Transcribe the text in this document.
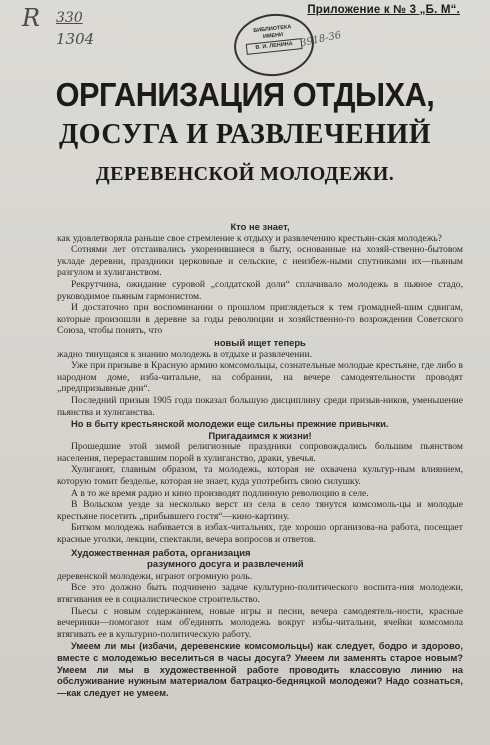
R 330
1304
Приложение к № 3 „Б. М“.
БИБЛИОТЕКА
ИМЕНИ
В. И. ЛЕНИНА 3918-36
ОРГАНИЗАЦИЯ ОТДЫХА,
ДОСУГА И РАЗВЛЕЧЕНИЙ
ДЕРЕВЕНСКОЙ МОЛОДЕЖИ.

Кто не знает,

как удовлетворяла раньше свое стремление к отдыху и развлечению крестьян-ская молодежь?

Сотнями лет отстаивались укоренившиеся в быту, основанные на хозяй-ственно-бытовом укладе деревни, праздники церковные и сельские, с неизбеж-ными спутниками их—пьяным разгулом и хулиганством.

Рекрутчина, ожидание суровой „солдатской доли“ сплачивало молодежь в пьяное стадо, руководимое пьяным гармонистом.

И достаточно при воспоминании о прошлом приглядеться к тем громадней-шим сдвигам, которые произошли в деревне за годы революции и хозяйственно-го возрождения Советского Союза, чтобы понять, что

новый ищет теперь

жадно тянущаяся к знанию молодежь в отдыхе и развлечении.

Уже при призыве в Красную армию комсомольцы, сознательные молодые крестьяне, где либо в народном доме, изба-читальне, на собрании, на вечере самодеятельности проводят „предпризывные дни“.

Последний призыв 1905 года показал большую дисциплину среди призыв-ников, уменьшение пьянства и хулиганства.

Но в быту крестьянской молодежи еще сильны прежние привычки.

Пригадаимся к жизни!

Прошедшие этой зимой религиозные праздники сопровождались большим пьянством населения, перераставшим порой в хулиганство, драки, увечья.

Хулиганят, главным образом, та молодежь, которая не охвачена культур-ным влиянием, которую томит безделье, которая не знает, куда употребить свою силушку.

А в то же время радио и кино производят подлинную революцию в селе.

В Вольском уезде за несколько верст из села в село тянутся комсомоль-цы и молодые крестьяне посетить „прибывшего гостя“—кино-картину.

Битком молодежь набивается в избах-читальнях, где хорошо организова-на работа, посещает красные уголки, лекции, спектакли, вечера вопросов и ответов.

Художественная работа, организация

разумного досуга и развлечений

деревенской молодежи, играют огромную роль.

Все это должно быть подчинено задаче культурно-политического воспита-ния молодежи, втягивания ее в социалистическое строительство.

Пьесы с новым содержанием, новые игры и песни, вечера самодеятель-ности, красные вечеринки—помогают нам об'единять молодежь вокруг избы-читальни, ячейки комсомола втягивать ее в культурно-политическую работу.

Умеем ли мы (избачи, деревенские комсомольцы) как следует, бодро и здорово, вместе с молодежью веселиться в часы досуга? Умеем ли заменять старое новым? Умеем ли мы в художественной работе проводить классовую линию на обслуживание нужным материалом батрацко-бедняцкой молодежи? Надо сознаться,—как следует не умеем.
